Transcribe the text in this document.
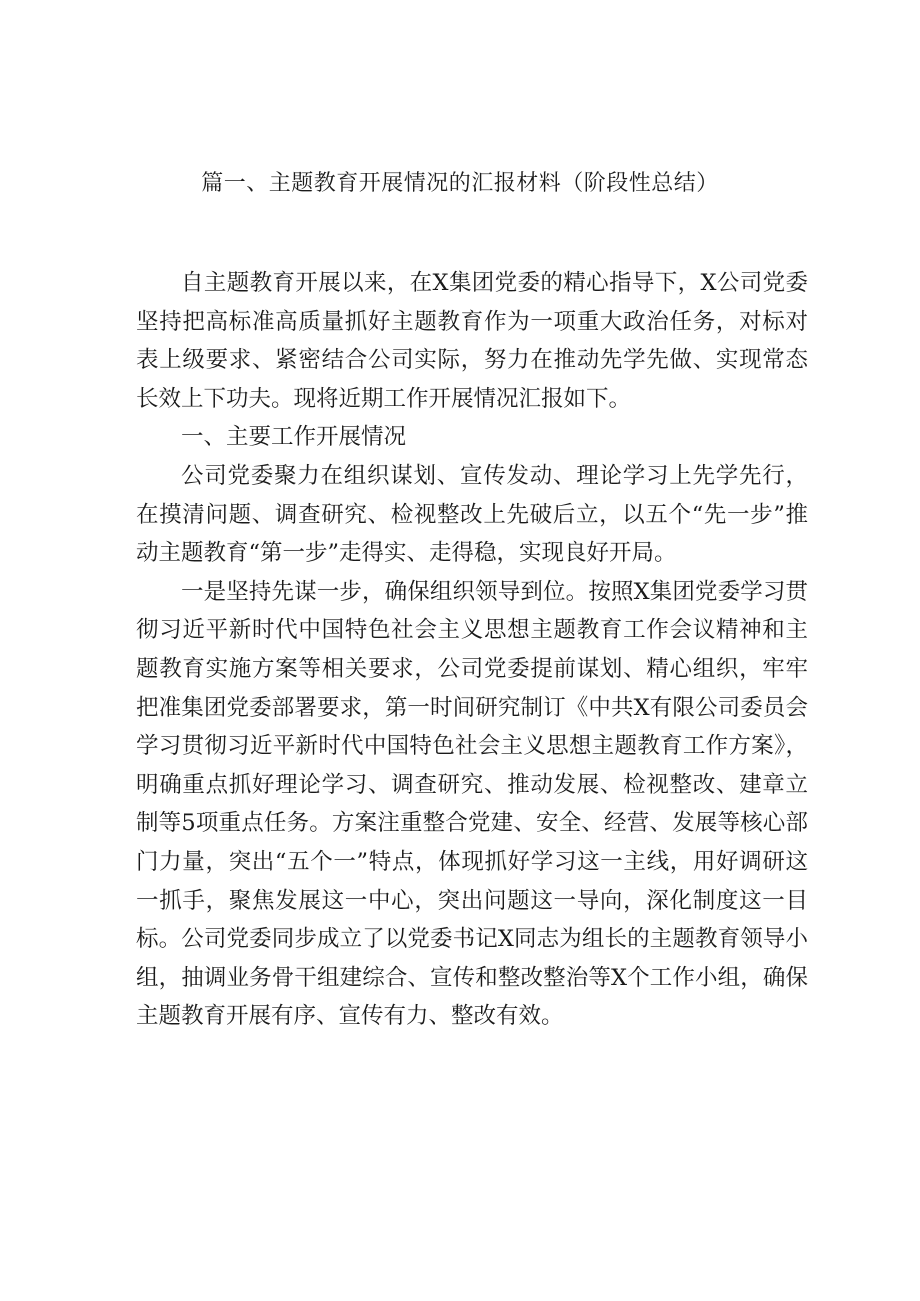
篇一、主题教育开展情况的汇报材料（阶段性总结）

自主题教育开展以来，在X集团党委的精心指导下，X公司党委坚持把高标准高质量抓好主题教育作为一项重大政治任务，对标对表上级要求、紧密结合公司实际，努力在推动先学先做、实现常态长效上下功夫。现将近期工作开展情况汇报如下。

一、主要工作开展情况

公司党委聚力在组织谋划、宣传发动、理论学习上先学先行，在摸清问题、调查研究、检视整改上先破后立，以五个“先一步”推动主题教育“第一步”走得实、走得稳，实现良好开局。

一是坚持先谋一步，确保组织领导到位。按照X集团党委学习贯彻习近平新时代中国特色社会主义思想主题教育工作会议精神和主题教育实施方案等相关要求，公司党委提前谋划、精心组织，牢牢把准集团党委部署要求，第一时间研究制订《中共X有限公司委员会学习贯彻习近平新时代中国特色社会主义思想主题教育工作方案》，明确重点抓好理论学习、调查研究、推动发展、检视整改、建章立制等5项重点任务。方案注重整合党建、安全、经营、发展等核心部门力量，突出“五个一”特点，体现抓好学习这一主线，用好调研这一抓手，聚焦发展这一中心，突出问题这一导向，深化制度这一目标。公司党委同步成立了以党委书记X同志为组长的主题教育领导小组，抽调业务骨干组建综合、宣传和整改整治等X个工作小组，确保主题教育开展有序、宣传有力、整改有效。
